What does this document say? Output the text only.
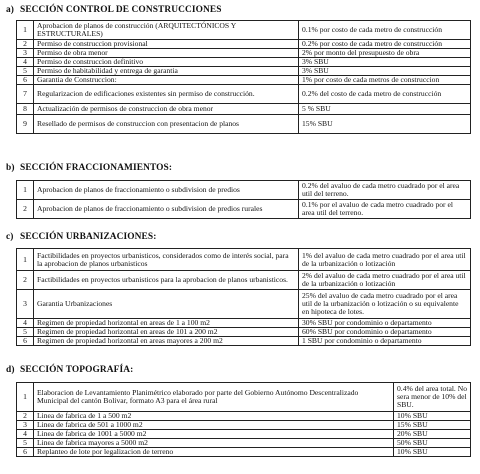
a) SECCIÓN CONTROL DE CONSTRUCCIONES
1	Aprobacion de planos de construcción (ARQUITECTÓNICOS Y ESTRUCTURALES)	0.1% por costo de cada metro de construcción
2	Permiso de construccion provisional	0.2% por costo de cada metro de construcción
3	Permiso de obra menor	2% por monto del presupuesto de obra
4	Permiso de construccion definitivo	3% SBU
5	Permiso de habitabilidad y entrega de garantia	3% SBU
6	Garantia de Construccion:	1% por costo de cada metros de construccion
7	Regularizacion de edificaciones existentes sin permiso de construcción.	0.2% del costo de cada metro de construcción
8	Actualización de permisos de construccion de obra menor	5 % SBU
9	Resellado de permisos de construccion con presentacion de planos	15% SBU
b) SECCIÓN FRACCIONAMIENTOS:
1	Aprobacion de planos de fraccionamiento o subdivision de predios	0.2% del avaluo de cada metro cuadrado por el area util del terreno.
2	Aprobacion de planos de fraccionamiento o subdivision de predios rurales	0.1% por el avaluo de cada metro cuadrado por el area util del terreno.
c) SECCIÓN URBANIZACIONES:
1	Factibilidades en proyectos urbanisticos, considerados como de interés social, para la aprobacion de planos urbanisticos	1% del avaluo de cada metro cuadrado por el area util de la urbanización o lotización
2	Factibilidades en proyectos urbanisticos para la aprobacion de planos urbanisticos.	2% del avaluo de cada metro cuadrado por el area util de la urbanización o lotización
3	Garantia Urbanizaciones	25% del avaluo de cada metro cuadrado por el area util de la urbanización o lotización o su equivalente en hipoteca de lotes.
4	Regimen de propiedad horizontal en areas de 1 a 100 m2	30% SBU por condominio o departamento
5	Regimen de propiedad horizontal en areas de 101 a 200 m2	60% SBU por condominio o departamento
6	Regimen de propiedad horizontal en areas mayores a 200 m2	1 SBU por condominio o departamento
d) SECCIÓN TOPOGRAFÍA:
1	Elaboracion de Levantamiento Planimétrico elaborado por parte del Gobierno Autónomo Descentralizado Municipal del cantón Bolivar, formato A3 para el área rural	0.4% del area total. No sera menor de 10% del SBU.
2	Linea de fabrica de 1 a 500 m2	10% SBU
3	Linea de fabrica de 501 a 1000 m2	15% SBU
4	Linea de fabrica de 1001 a 5000 m2	20% SBU
5	Linea de fabrica mayores a 5000 m2	50% SBU
6	Replanteo de lote por legalizacion de terreno	10% SBU
